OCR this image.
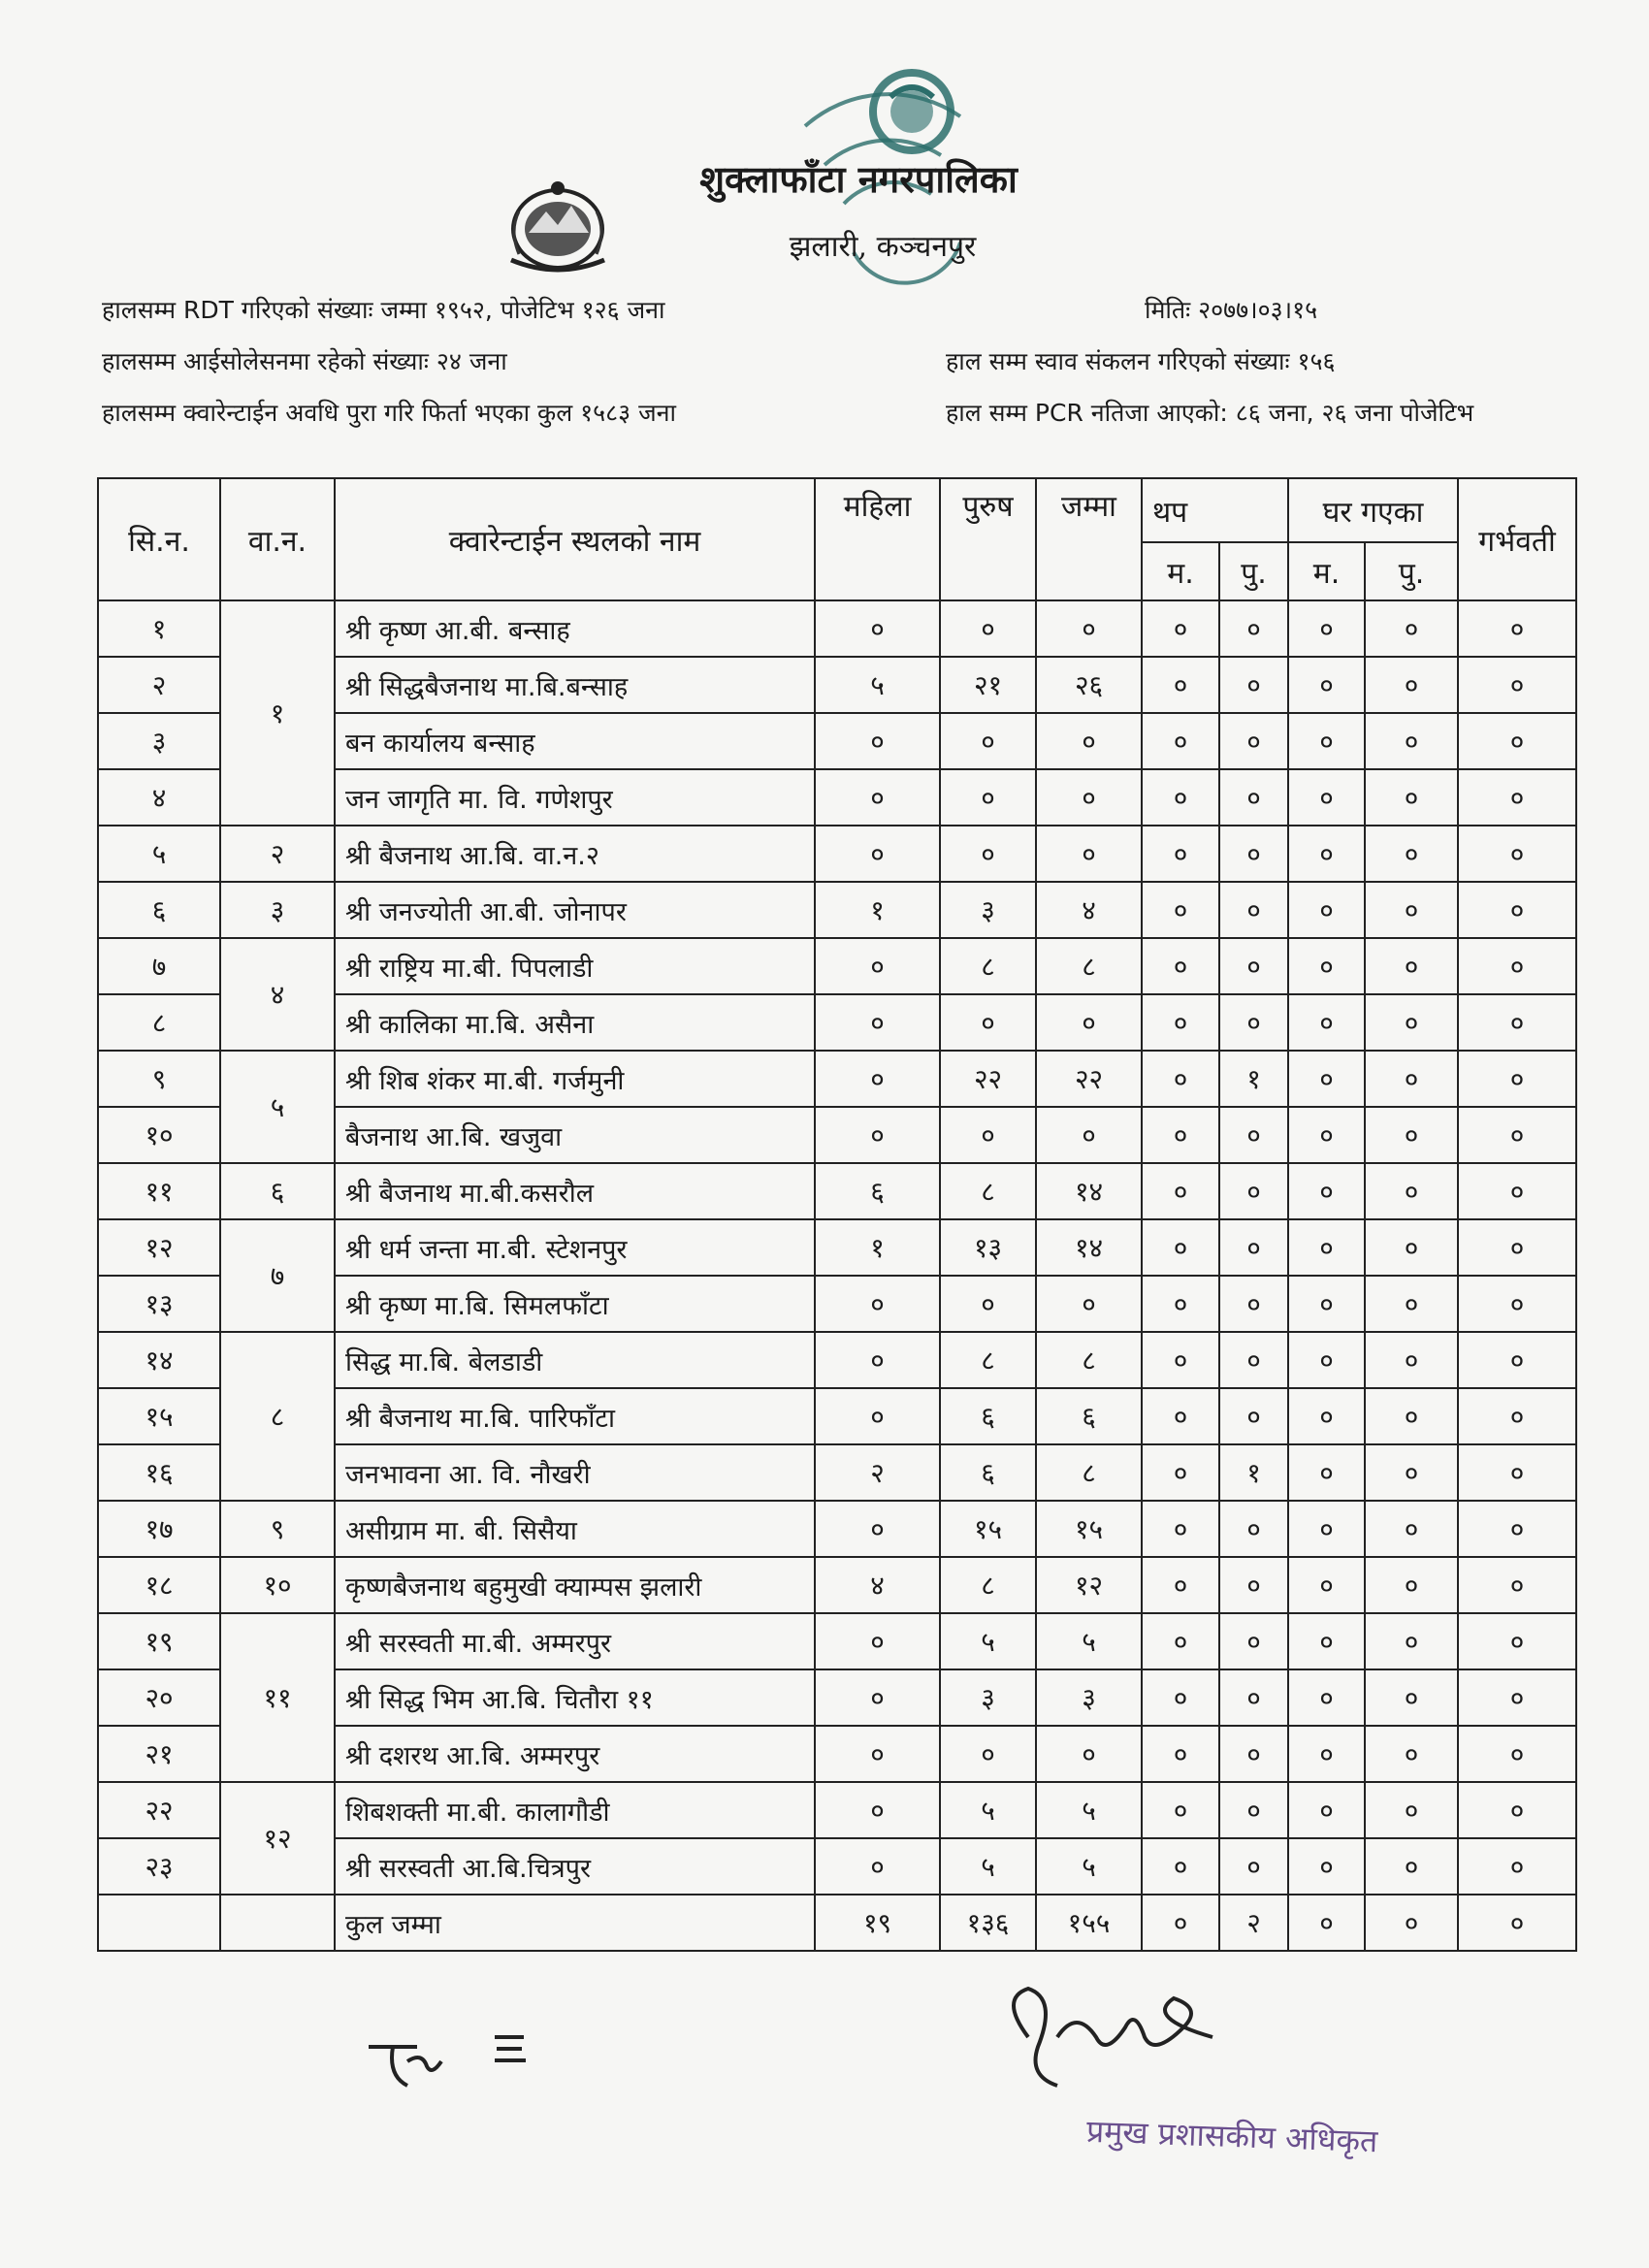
शुक्लाफाँटा नगरपालिका
झलारी, कञ्चनपुर
हालसम्म RDT गरिएको संख्याः जम्मा १९५२, पोजेटिभ १२६ जना
हालसम्म आईसोलेसनमा रहेको संख्याः २४ जना
हालसम्म क्वारेन्टाईन अवधि पुरा गरि फिर्ता भएका कुल १५८३ जना
मितिः २०७७।०३।१५
हाल सम्म स्वाव संकलन गरिएको संख्याः १५६
हाल सम्म PCR नतिजा आएको: ८६ जना, २६ जना पोजेटिभ
सि.न.	वा.न.	क्वारेन्टाईन स्थलको नाम	महिला	पुरुष	जम्मा	थप		घर गएका		गर्भवती
						म.	पु.	म.	पु.	
१	१	श्री कृष्ण आ.बी. बन्साह	०	०	०	०	०	०	०	०
२		श्री सिद्धबैजनाथ मा.बि.बन्साह	५	२१	२६	०	०	०	०	०
३		बन कार्यालय बन्साह	०	०	०	०	०	०	०	०
४		जन जागृति मा. वि. गणेशपुर	०	०	०	०	०	०	०	०
५	२	श्री बैजनाथ आ.बि. वा.न.२	०	०	०	०	०	०	०	०
६	३	श्री जनज्योती आ.बी. जोनापर	१	३	४	०	०	०	०	०
७	४	श्री राष्ट्रिय मा.बी. पिपलाडी	०	८	८	०	०	०	०	०
८		श्री कालिका मा.बि. असैना	०	०	०	०	०	०	०	०
९	५	श्री शिब शंकर मा.बी. गर्जमुनी	०	२२	२२	०	१	०	०	०
१०		बैजनाथ आ.बि. खजुवा	०	०	०	०	०	०	०	०
११	६	श्री बैजनाथ मा.बी.कसरौल	६	८	१४	०	०	०	०	०
१२	७	श्री धर्म जन्ता मा.बी. स्टेशनपुर	१	१३	१४	०	०	०	०	०
१३		श्री कृष्ण मा.बि. सिमलफाँटा	०	०	०	०	०	०	०	०
१४	८	सिद्ध मा.बि. बेलडाडी	०	८	८	०	०	०	०	०
१५		श्री बैजनाथ मा.बि. पारिफाँटा	०	६	६	०	०	०	०	०
१६		जनभावना आ. वि. नौखरी	२	६	८	०	१	०	०	०
१७	९	असीग्राम मा. बी. सिसैया	०	१५	१५	०	०	०	०	०
१८	१०	कृष्णबैजनाथ बहुमुखी क्याम्पस झलारी	४	८	१२	०	०	०	०	०
१९	११	श्री सरस्वती मा.बी. अम्मरपुर	०	५	५	०	०	०	०	०
२०		श्री सिद्ध भिम आ.बि. चितौरा ११	०	३	३	०	०	०	०	०
२१		श्री दशरथ आ.बि. अम्मरपुर	०	०	०	०	०	०	०	०
२२	१२	शिबशक्ती मा.बी. कालागौडी	०	५	५	०	०	०	०	०
२३		श्री सरस्वती आ.बि.चित्रपुर	०	५	५	०	०	०	०	०
		कुल जम्मा	१९	१३६	१५५	०	२	०	०	०
प्रमुख प्रशासकीय अधिकृत
